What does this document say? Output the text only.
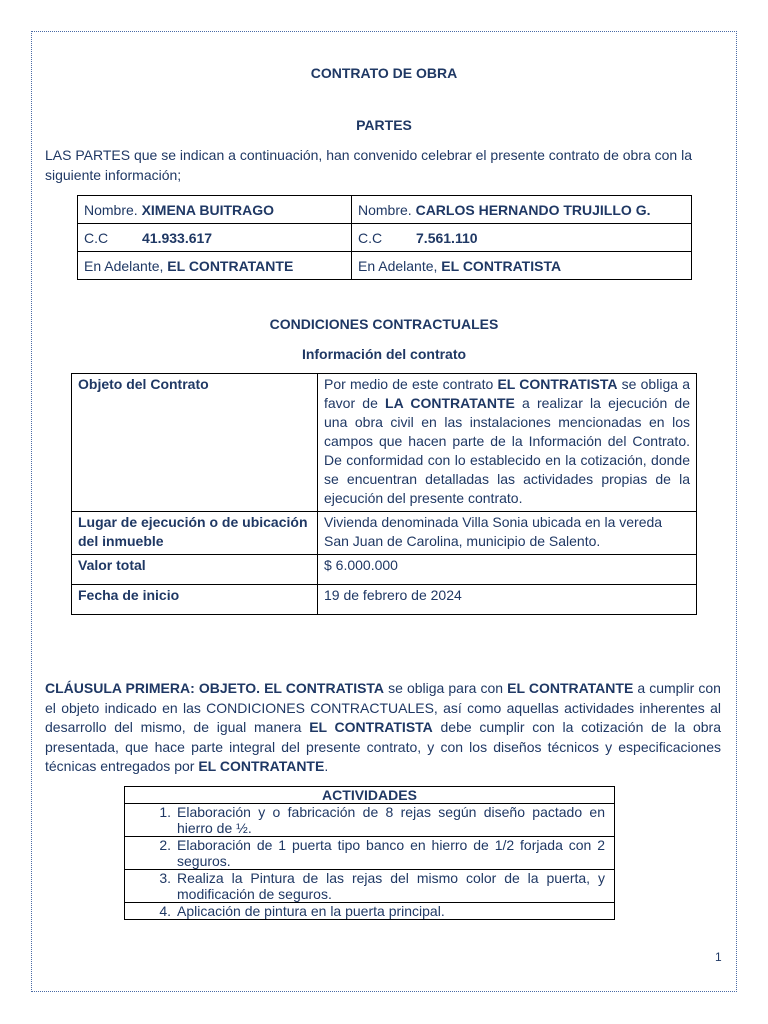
CONTRATO DE OBRA
PARTES

LAS PARTES que se indican a continuación, han convenido celebrar el presente contrato de obra con la siguiente información;

Nombre. XIMENA BUITRAGO	Nombre. CARLOS HERNANDO TRUJILLO G.
C.C 41.933.617	C.C 7.561.110
En Adelante, EL CONTRATANTE	En Adelante, EL CONTRATISTA
CONDICIONES CONTRACTUALES
Información del contrato
Objeto del Contrato	Por medio de este contrato EL CONTRATISTA se obliga a favor de LA CONTRATANTE a realizar la ejecución de una obra civil en las instalaciones mencionadas en los campos que hacen parte de la Información del Contrato. De conformidad con lo establecido en la cotización, donde se encuentran detalladas las actividades propias de la ejecución del presente contrato.
Lugar de ejecución o de ubicación del inmueble	Vivienda denominada Villa Sonia ubicada en la vereda San Juan de Carolina, municipio de Salento.
Valor total	$ 6.000.000
Fecha de inicio	19 de febrero de 2024

CLÁUSULA PRIMERA: OBJETO. EL CONTRATISTA se obliga para con EL CONTRATANTE a cumplir con el objeto indicado en las CONDICIONES CONTRACTUALES, así como aquellas actividades inherentes al desarrollo del mismo, de igual manera EL CONTRATISTA debe cumplir con la cotización de la obra presentada, que hace parte integral del presente contrato, y con los diseños técnicos y especificaciones técnicas entregados por EL CONTRATANTE.

ACTIVIDADES
1. Elaboración y o fabricación de 8 rejas según diseño pactado en hierro de ½.
2. Elaboración de 1 puerta tipo banco en hierro de 1/2 forjada con 2 seguros.
3. Realiza la Pintura de las rejas del mismo color de la puerta, y modificación de seguros.
4. Aplicación de pintura en la puerta principal.
1
